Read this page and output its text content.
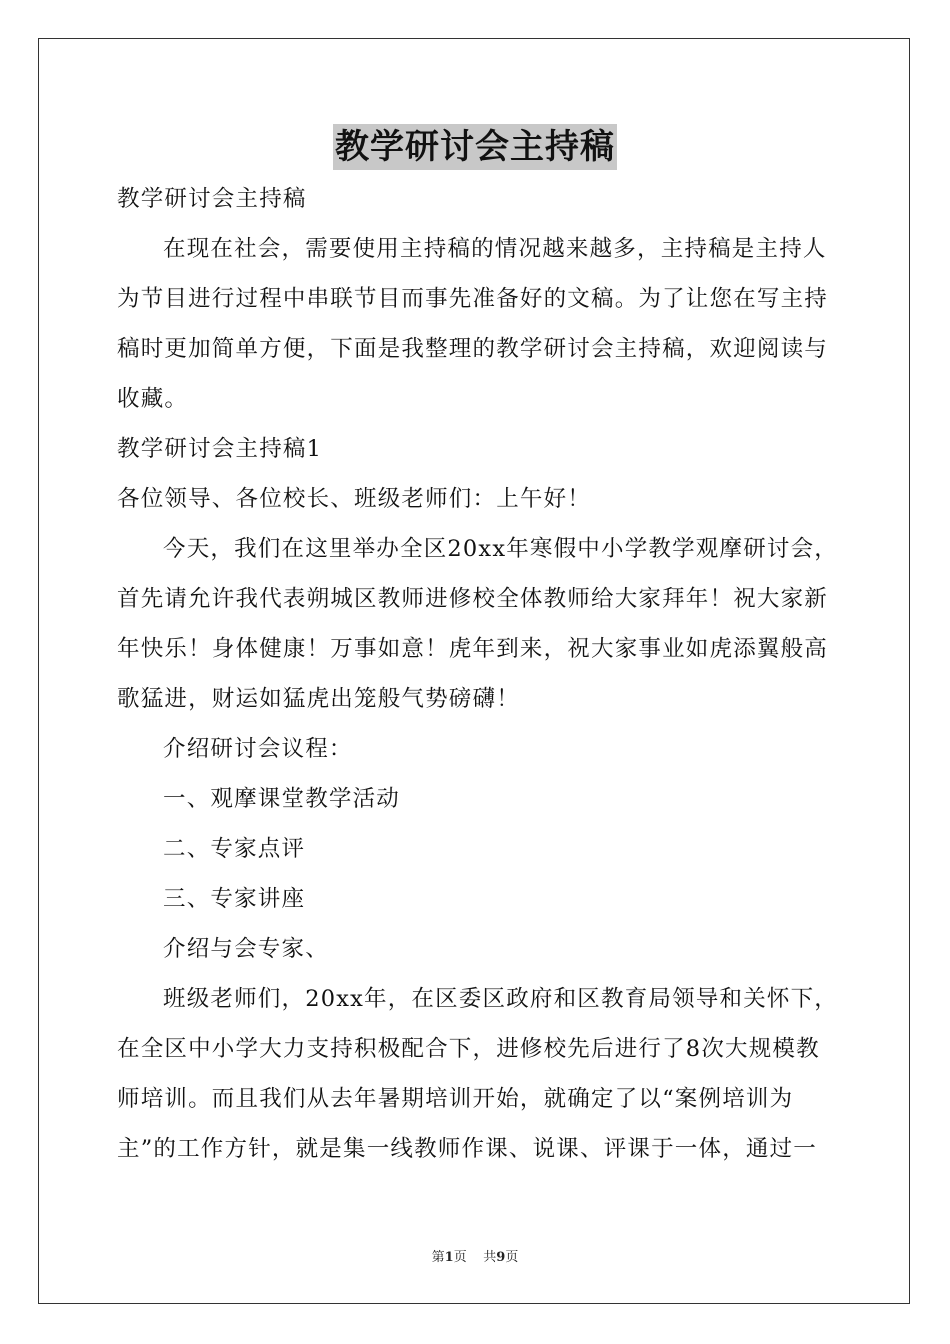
教学研讨会主持稿
教学研讨会主持稿
在现在社会，需要使用主持稿的情况越来越多，主持稿是主持人
为节目进行过程中串联节目而事先准备好的文稿。为了让您在写主持
稿时更加简单方便，下面是我整理的教学研讨会主持稿，欢迎阅读与
收藏。
教学研讨会主持稿1
各位领导、各位校长、班级老师们：上午好！
今天，我们在这里举办全区20xx年寒假中小学教学观摩研讨会，
首先请允许我代表朔城区教师进修校全体教师给大家拜年！祝大家新
年快乐！身体健康！万事如意！虎年到来，祝大家事业如虎添翼般高
歌猛进，财运如猛虎出笼般气势磅礴！
介绍研讨会议程：
一、观摩课堂教学活动
二、专家点评
三、专家讲座
介绍与会专家、
班级老师们，20xx年，在区委区政府和区教育局领导和关怀下，
在全区中小学大力支持积极配合下，进修校先后进行了8次大规模教
师培训。而且我们从去年暑期培训开始，就确定了以“案例培训为
主”的工作方针，就是集一线教师作课、说课、评课于一体，通过一
第1页 共9页
